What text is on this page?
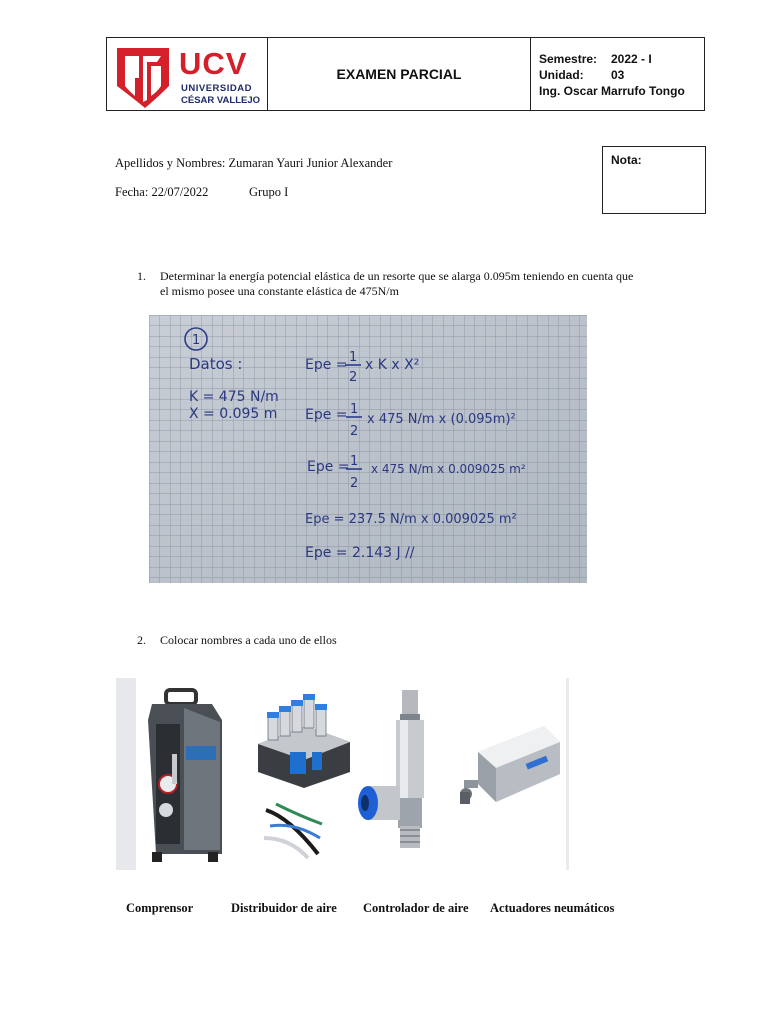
UCV
UNIVERSIDAD
CÉSAR VALLEJO
EXAMEN PARCIAL
Semestre: 2022 - I
Unidad: 03
Ing. Oscar Marrufo Tongo
Apellidos y Nombres: Zumaran Yauri Junior Alexander
Fecha: 22/07/2022	Grupo I
Nota:
1. Determinar la energía potencial elástica de un resorte que se alarga 0.095m teniendo en cuenta que
el mismo posee una constante elástica de 475N/m
1
Datos :
K = 475 N/m
X = 0.095 m
Epe = 1
2
x K x X²
Epe = 1
2
x 475 N/m x (0.095m)²
Epe = 1
2
x 475 N/m x 0.009025 m²
Epe = 237.5 N/m x 0.009025 m²
Epe = 2.143 J //
2. Colocar nombres a cada uno de ellos
Comprensor	Distribuidor de aire Controlador de aire Actuadores neumáticos
